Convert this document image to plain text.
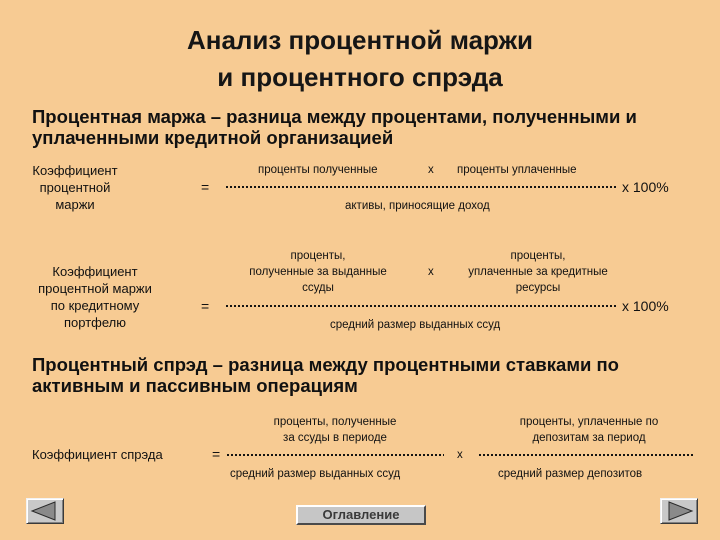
Анализ процентной маржи
и процентного спрэда
Процентная маржа – разница между процентами, полученными и
уплаченными кредитной организацией
Коэффициент
процентной
маржи
=
проценты полученные	х проценты уплаченные
активы, приносящие доход
х 100%
Коэффициент
процентной маржи
по кредитному
портфелю
=
проценты,
полученные за выданные
ссуды
х
проценты,
уплаченные за кредитные
ресурсы
средний размер выданных ссуд
х 100%
Процентный спрэд – разница между процентными ставками по
активным и пассивным операциям
Коэффициент спрэда	=
проценты, полученные
за ссуды в периоде
средний размер выданных ссуд
х
проценты, уплаченные по
депозитам за период
средний размер депозитов
Оглавление
